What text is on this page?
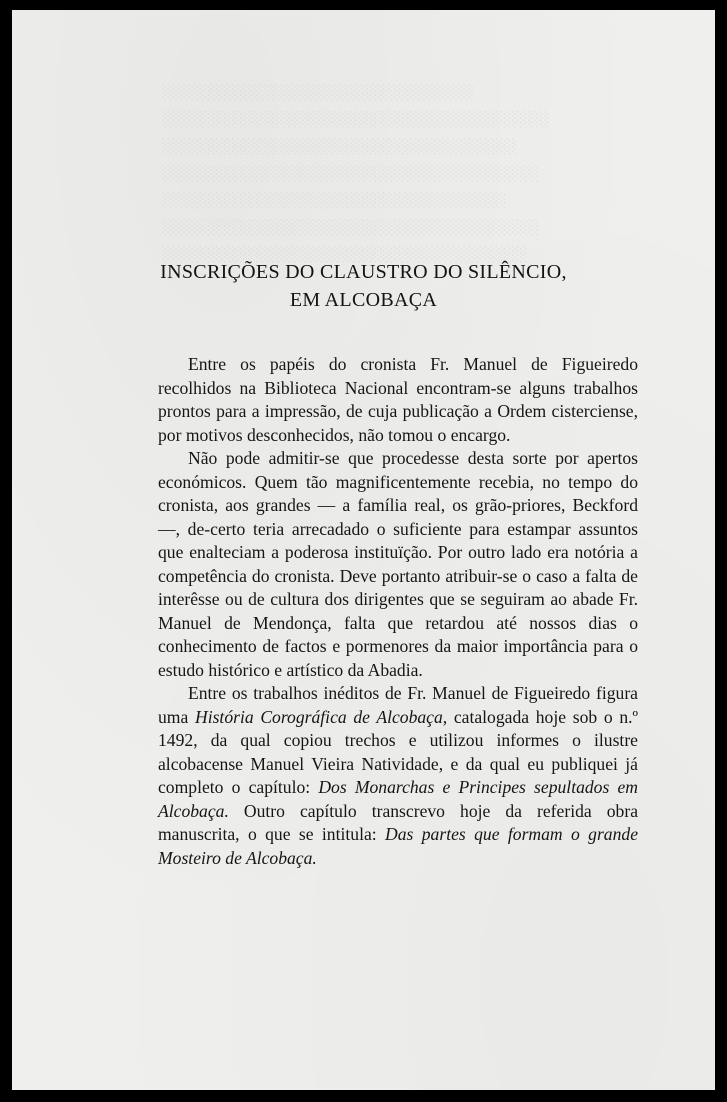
░░░░░░░░░░░░░░░░░░░░░░░░░░░░░
░░░░░░░░░░░░░░░░░░░░░░░░░░░░░░░░░░░░
░░░░░░░░░░░░░░░░░░░░░░░░░░░░░░░░░
░░░░░░░░░░░░░░░░░░░░░░░░░░░░░░░░░░░
░░░░░░░░░░░░░░░░░░░░░░░░░░░░░░░░
░░░░░░░░░░░░░░░░░░░░░░░░░░░░░░░░░░░
░░░░░░░░░░░░░░░░░░░░░░░░░░░░░░░░░░

INSCRIÇÕES DO CLAUSTRO DO SILÊNCIO,
EM ALCOBAÇA

Entre os papéis do cronista Fr. Manuel de Figueiredo recolhidos na Biblioteca Nacional encontram-se alguns trabalhos prontos para a impressão, de cuja publicação a Ordem cisterciense, por motivos desconhecidos, não tomou o encargo.

Não pode admitir-se que procedesse desta sorte por apertos económicos. Quem tão magnificentemente recebia, no tempo do cronista, aos grandes — a família real, os grão-priores, Beckford —, de-certo teria arrecadado o suficiente para estampar assuntos que enalteciam a poderosa instituïção. Por outro lado era notória a competência do cronista. Deve portanto atribuir-se o caso a falta de interêsse ou de cultura dos dirigentes que se seguiram ao abade Fr. Manuel de Mendonça, falta que retardou até nossos dias o conhecimento de factos e pormenores da maior importância para o estudo histórico e artístico da Abadia.

Entre os trabalhos inéditos de Fr. Manuel de Figueiredo figura uma História Corográfica de Alcobaça, catalogada hoje sob o n.º 1492, da qual copiou trechos e utilizou informes o ilustre alcobacense Manuel Vieira Natividade, e da qual eu publiquei já completo o capítulo: Dos Monarchas e Principes sepultados em Alcobaça. Outro capítulo transcrevo hoje da referida obra manuscrita, o que se intitula: Das partes que formam o grande Mosteiro de Alcobaça.
